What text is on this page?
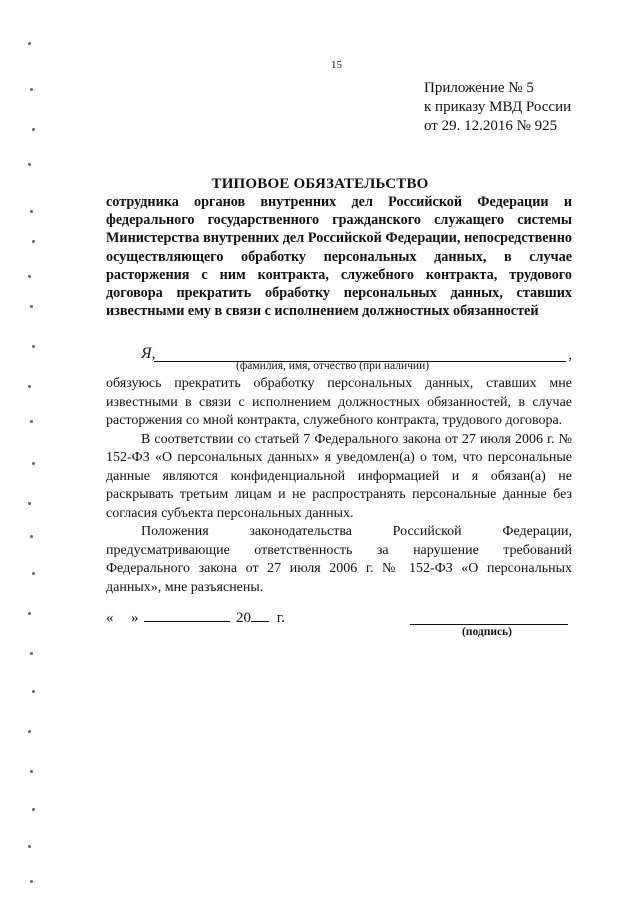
15
Приложение № 5
к приказу МВД России
от 29. 12.2016 № 925
ТИПОВОЕ ОБЯЗАТЕЛЬСТВО

сотрудника органов внутренних дел Российской Федерации и федерального государственного гражданского служащего системы Министерства внутренних дел Российской Федерации, непосредственно осуществляющего обработку персональных данных, в случае расторжения с ним контракта, служебного контракта, трудового договора прекратить обработку персональных данных, ставших известными ему в связи с исполнением должностных обязанностей

Я,	,
(фамилия, имя, отчество (при наличии)

обязуюсь прекратить обработку персональных данных, ставших мне известными в связи с исполнением должностных обязанностей, в случае расторжения со мной контракта, служебного контракта, трудового договора.

В соответствии со статьей 7 Федерального закона от 27 июля 2006 г. № 152-ФЗ «О персональных данных» я уведомлен(а) о том, что персональные данные являются конфиденциальной информацией и я обязан(а) не раскрывать третьим лицам и не распространять персональные данные без согласия субъекта персональных данных.

Положения законодательства Российской Федерации, предусматривающие ответственность за нарушение требований Федерального закона от 27 июля 2006 г. № 152-ФЗ «О персональных данных», мне разъяснены.

« »	20 г.
(подпись)
